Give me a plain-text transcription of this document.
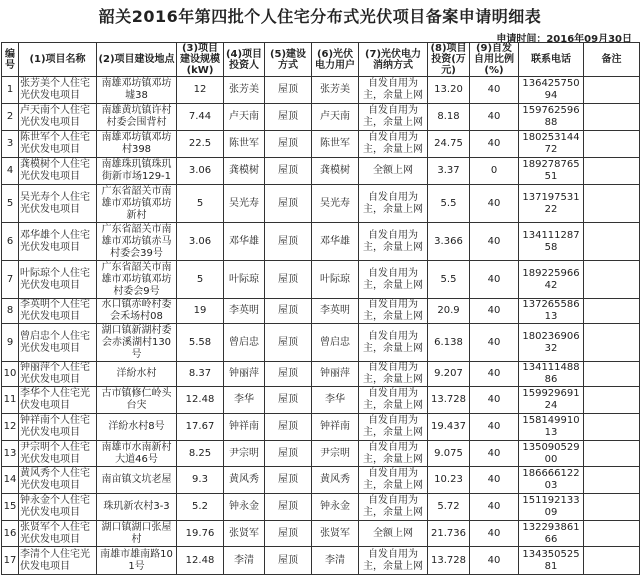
韶关2016年第四批个人住宅分布式光伏项目备案申请明细表
申请时间：2016年09月30日
编号	(1)项目名称	(2)项目建设地点	(3)项目建设规模(kW)	(4)项目投资人	(5)建设方式	(6)光伏电力用户	(7)光伏电力消纳方式	(8)项目投资(万元)	(9)自发自用比例(%)	联系电话	备注
1	张芳美个人住宅光伏发电项目	南雄邓坊镇邓坊墟38	12	张芳美	屋顶	张芳美	自发自用为主，余量上网	13.20	40	13642575094	
2	卢天南个人住宅光伏发电项目	南雄黄坑镇许村村委会围背村	7.44	卢天南	屋顶	卢天南	自发自用为主，余量上网	8.18	40	15976259688	
3	陈世军个人住宅光伏发电项目	南雄邓坊镇邓坊村398	22.5	陈世军	屋顶	陈世军	自发自用为主，余量上网	24.75	40	18025314472	
4	龚模树个人住宅光伏发电项目	南雄珠玑镇珠玑街新市场129-1	3.06	龚模树	屋顶	龚模树	全额上网	3.37	0	18927876551	
5	吴光寿个人住宅光伏发电项目	广东省韶关市南雄市邓坊镇邓坊新村	5	吴光寿	屋顶	吴光寿	自发自用为主，余量上网	5.5	40	13719753122	
6	邓华雄个人住宅光伏发电项目	广东省韶关市南雄市邓坊镇赤马村委会39号	3.06	邓华雄	屋顶	邓华雄	自发自用为主，余量上网	3.366	40	13411128758	
7	叶际琼个人住宅光伏发电项目	广东省韶关市南雄市邓坊镇邓坊村委会9号	5	叶际琼	屋顶	叶际琼	自发自用为主，余量上网	5.5	40	18922596642	
8	李英明个人住宅光伏发电项目	水口镇赤岭村委会禾场村08	19	李英明	屋顶	李英明	自发自用为主，余量上网	20.9	40	13726558613	
9	曾启忠个人住宅光伏发电项目	湖口镇新湖村委会赤溪湖村130号	5.58	曾启忠	屋顶	曾启忠	自发自用为主，余量上网	6.138	40	18023690632	
10	钟丽萍个人住宅光伏发电项目	洋紛水村	8.37	钟丽萍	屋顶	钟丽萍	自发自用为主，余量上网	9.207	40	13411148886	
11	李华个人住宅光伏发电项目	古市镇修仁岭头台宊	12.48	李华	屋顶	李华	自发自用为主，余量上网	13.728	40	15992969124	
12	钟祥南个人住宅光伏发电项目	洋紛水村8号	17.67	钟祥南	屋顶	钟祥南	自发自用为主，余量上网	19.437	40	15814991013	
13	尹宗明个人住宅光伏发电项目	南雄市水南新村大道46号	8.25	尹宗明	屋顶	尹宗明	自发自用为主，余量上网	9.075	40	13509052900	
14	黄风秀个人住宅光伏发电项目	南亩镇文坑老屋	9.3	黄风秀	屋顶	黄风秀	自发自用为主，余量上网	10.23	40	18666612203	
15	钟永金个人住宅光伏发电项目	珠玑新农村3-3	5.2	钟永金	屋顶	钟永金	自发自用为主，余量上网	5.72	40	15119213309	
16	张贤军个人住宅光伏发电项目	湖口镇湖口张屋村	19.76	张贤军	屋顶	张贤军	全额上网	21.736	40	13229386166	
17	李清个人住宅光伏发电项目	南雄市雄南路101号	12.48	李清	屋顶	李清	自发自用为主，余量上网	13.728	40	13435052581	
